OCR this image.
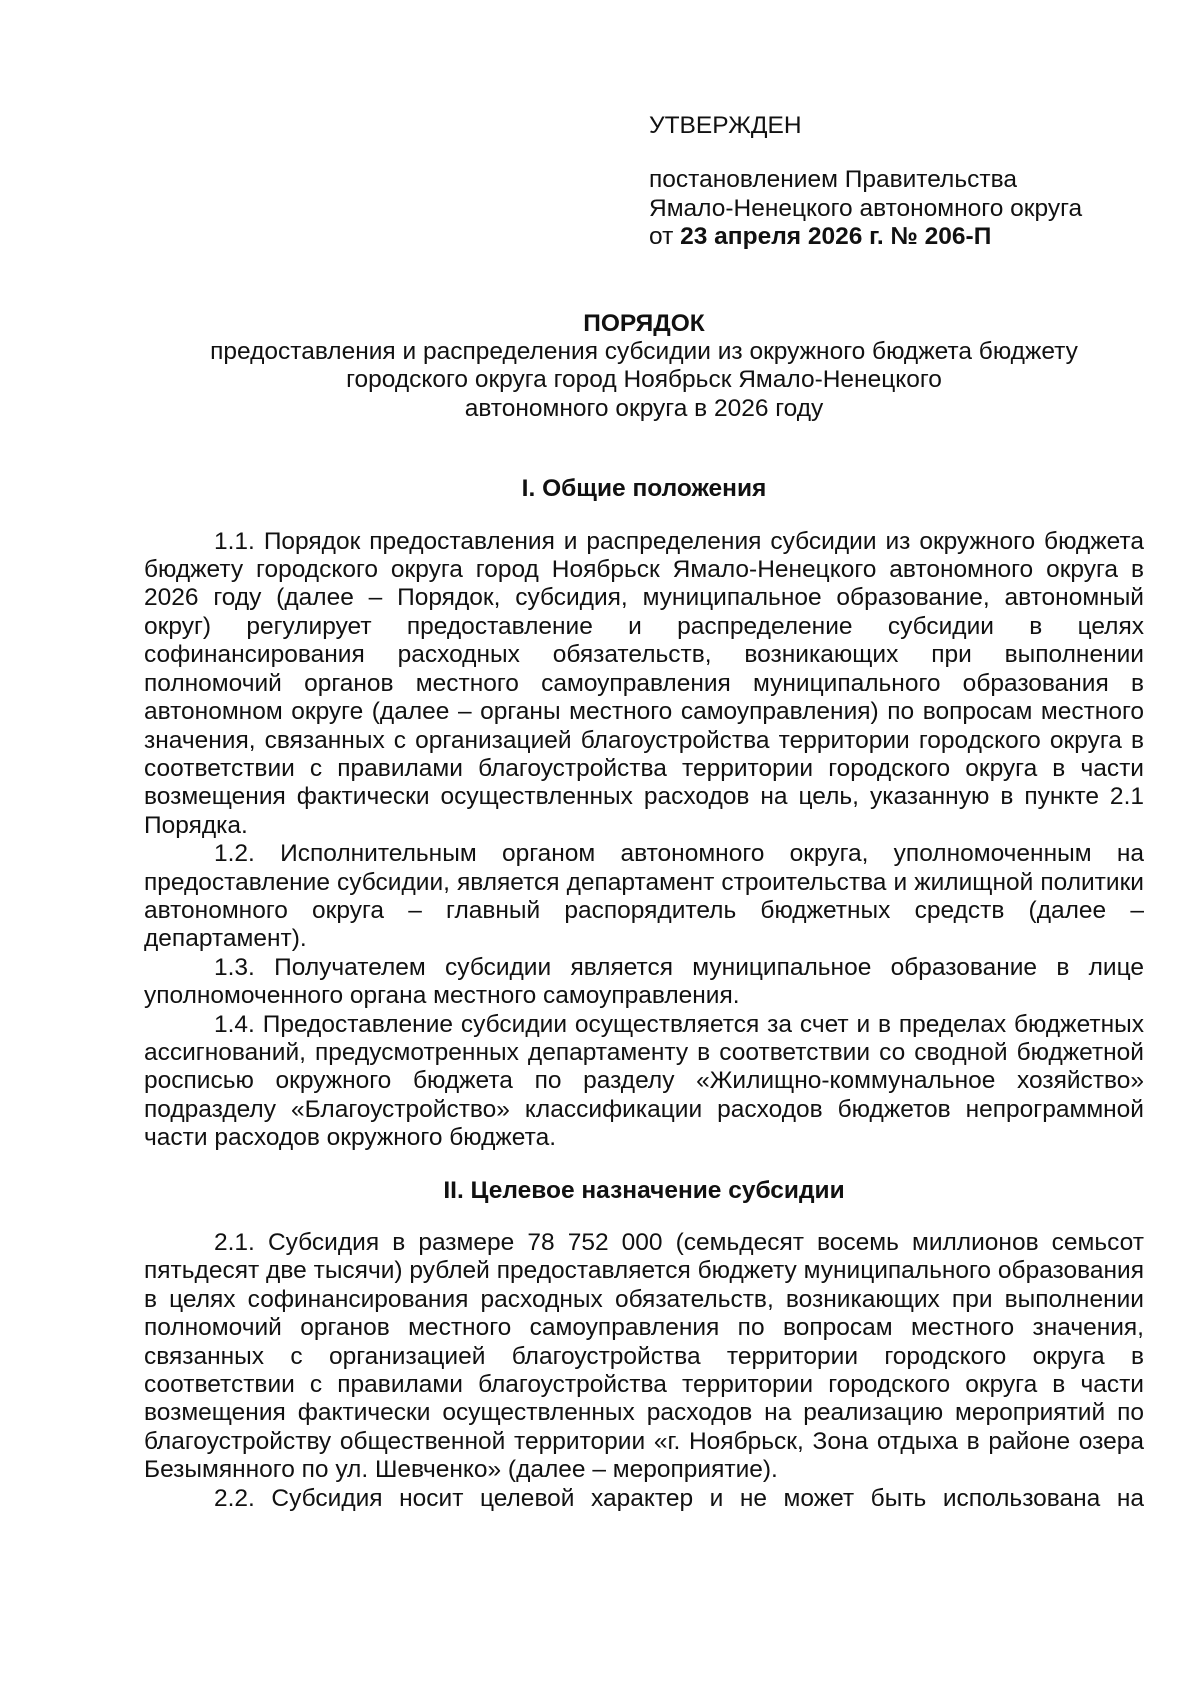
УТВЕРЖДЕН

постановлением Правительства
Ямало-Ненецкого автономного округа
от 23 апреля 2026 г. № 206-П
ПОРЯДОК
предоставления и распределения субсидии из окружного бюджета бюджету
городского округа город Ноябрьск Ямало-Ненецкого
автономного округа в 2026 году
I. Общие положения

1.1. Порядок предоставления и распределения субсидии из окружного бюджета бюджету городского округа город Ноябрьск Ямало-Ненецкого автономного округа в 2026 году (далее – Порядок, субсидия, муниципальное образование, автономный округ) регулирует предоставление и распределение субсидии в целях софинансирования расходных обязательств, возникающих при выполнении полномочий органов местного самоуправления муниципального образования в автономном округе (далее – органы местного самоуправления) по вопросам местного значения, связанных с организацией благоустройства территории городского округа в соответствии с правилами благоустройства территории городского округа в части возмещения фактически осуществленных расходов на цель, указанную в пункте 2.1 Порядка.

1.2. Исполнительным органом автономного округа, уполномоченным на предоставление субсидии, является департамент строительства и жилищной политики автономного округа – главный распорядитель бюджетных средств (далее – департамент).

1.3. Получателем субсидии является муниципальное образование в лице уполномоченного органа местного самоуправления.

1.4. Предоставление субсидии осуществляется за счет и в пределах бюджетных ассигнований, предусмотренных департаменту в соответствии со сводной бюджетной росписью окружного бюджета по разделу «Жилищно-коммунальное хозяйство» подразделу «Благоустройство» классификации расходов бюджетов непрограммной части расходов окружного бюджета.

II. Целевое назначение субсидии

2.1. Субсидия в размере 78 752 000 (семьдесят восемь миллионов семьсот пятьдесят две тысячи) рублей предоставляется бюджету муниципального образования в целях софинансирования расходных обязательств, возникающих при выполнении полномочий органов местного самоуправления по вопросам местного значения, связанных с организацией благоустройства территории городского округа в соответствии с правилами благоустройства территории городского округа в части возмещения фактически осуществленных расходов на реализацию мероприятий по благоустройству общественной территории «г. Ноябрьск, Зона отдыха в районе озера Безымянного по ул. Шевченко» (далее – мероприятие).

2.2. Субсидия носит целевой характер и не может быть использована на
